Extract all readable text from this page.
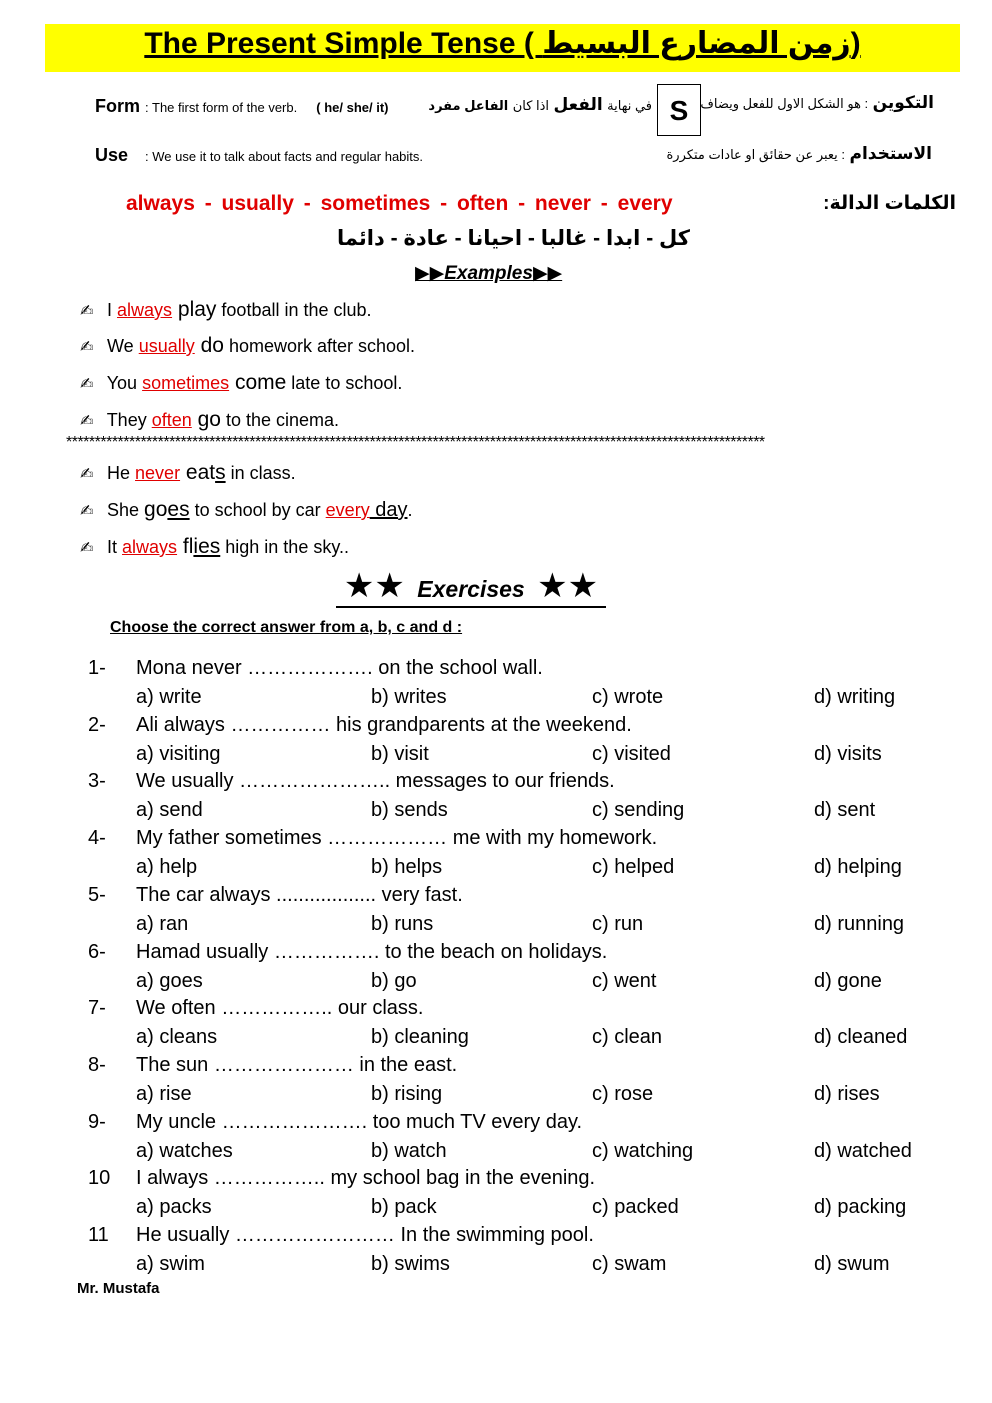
The Present Simple Tense ( زمن المضارع البسيط)
Form : The first form of the verb. ( he/ she/ it)	في نهاية الفعل اذا كان الفاعل مفرد	S	التكوين : هو الشكل الاول للفعل ويضاف
Use : We use it to talk about facts and regular habits.	الاستخدام : يعبر عن حقائق او عادات متكررة
الكلمات الدالة:
always - usually - sometimes - often - never - every
كل - ابدا - غالبا - احيانا - عادة - دائما
▶▶Examples▶▶
✍ I always play football in the club.
✍ We usually do homework after school.
✍ You sometimes come late to school.
✍ They often go to the cinema.
**************************************************************************************************************************
✍ He never eats in class.
✍ She goes to school by car every day.
✍ It always flies high in the sky..
★★ Exercises ★★
Choose the correct answer from a, b, c and d :
1- Mona never ………………. on the school wall.
a) write	b) writes	c) wrote	d) writing
2- Ali always …………… his grandparents at the weekend.
a) visiting	b) visit	c) visited	d) visits
3- We usually ………………….. messages to our friends.
a) send	b) sends	c) sending	d) sent
4- My father sometimes ……………… me with my homework.
a) help	b) helps	c) helped	d) helping
5- The car always .................. very fast.
a) ran	b) runs	c) run	d) running
6- Hamad usually ……………. to the beach on holidays.
a) goes	b) go	c) went	d) gone
7- We often …………….. our class.
a) cleans	b) cleaning	c) clean	d) cleaned
8- The sun ………………… in the east.
a) rise	b) rising	c) rose	d) rises
9- My uncle …………………. too much TV every day.
a) watches	b) watch	c) watching	d) watched
10 I always …………….. my school bag in the evening.
a) packs	b) pack	c) packed	d) packing
11 He usually …………………… In the swimming pool.
a) swim	b) swims	c) swam	d) swum
Mr. Mustafa
